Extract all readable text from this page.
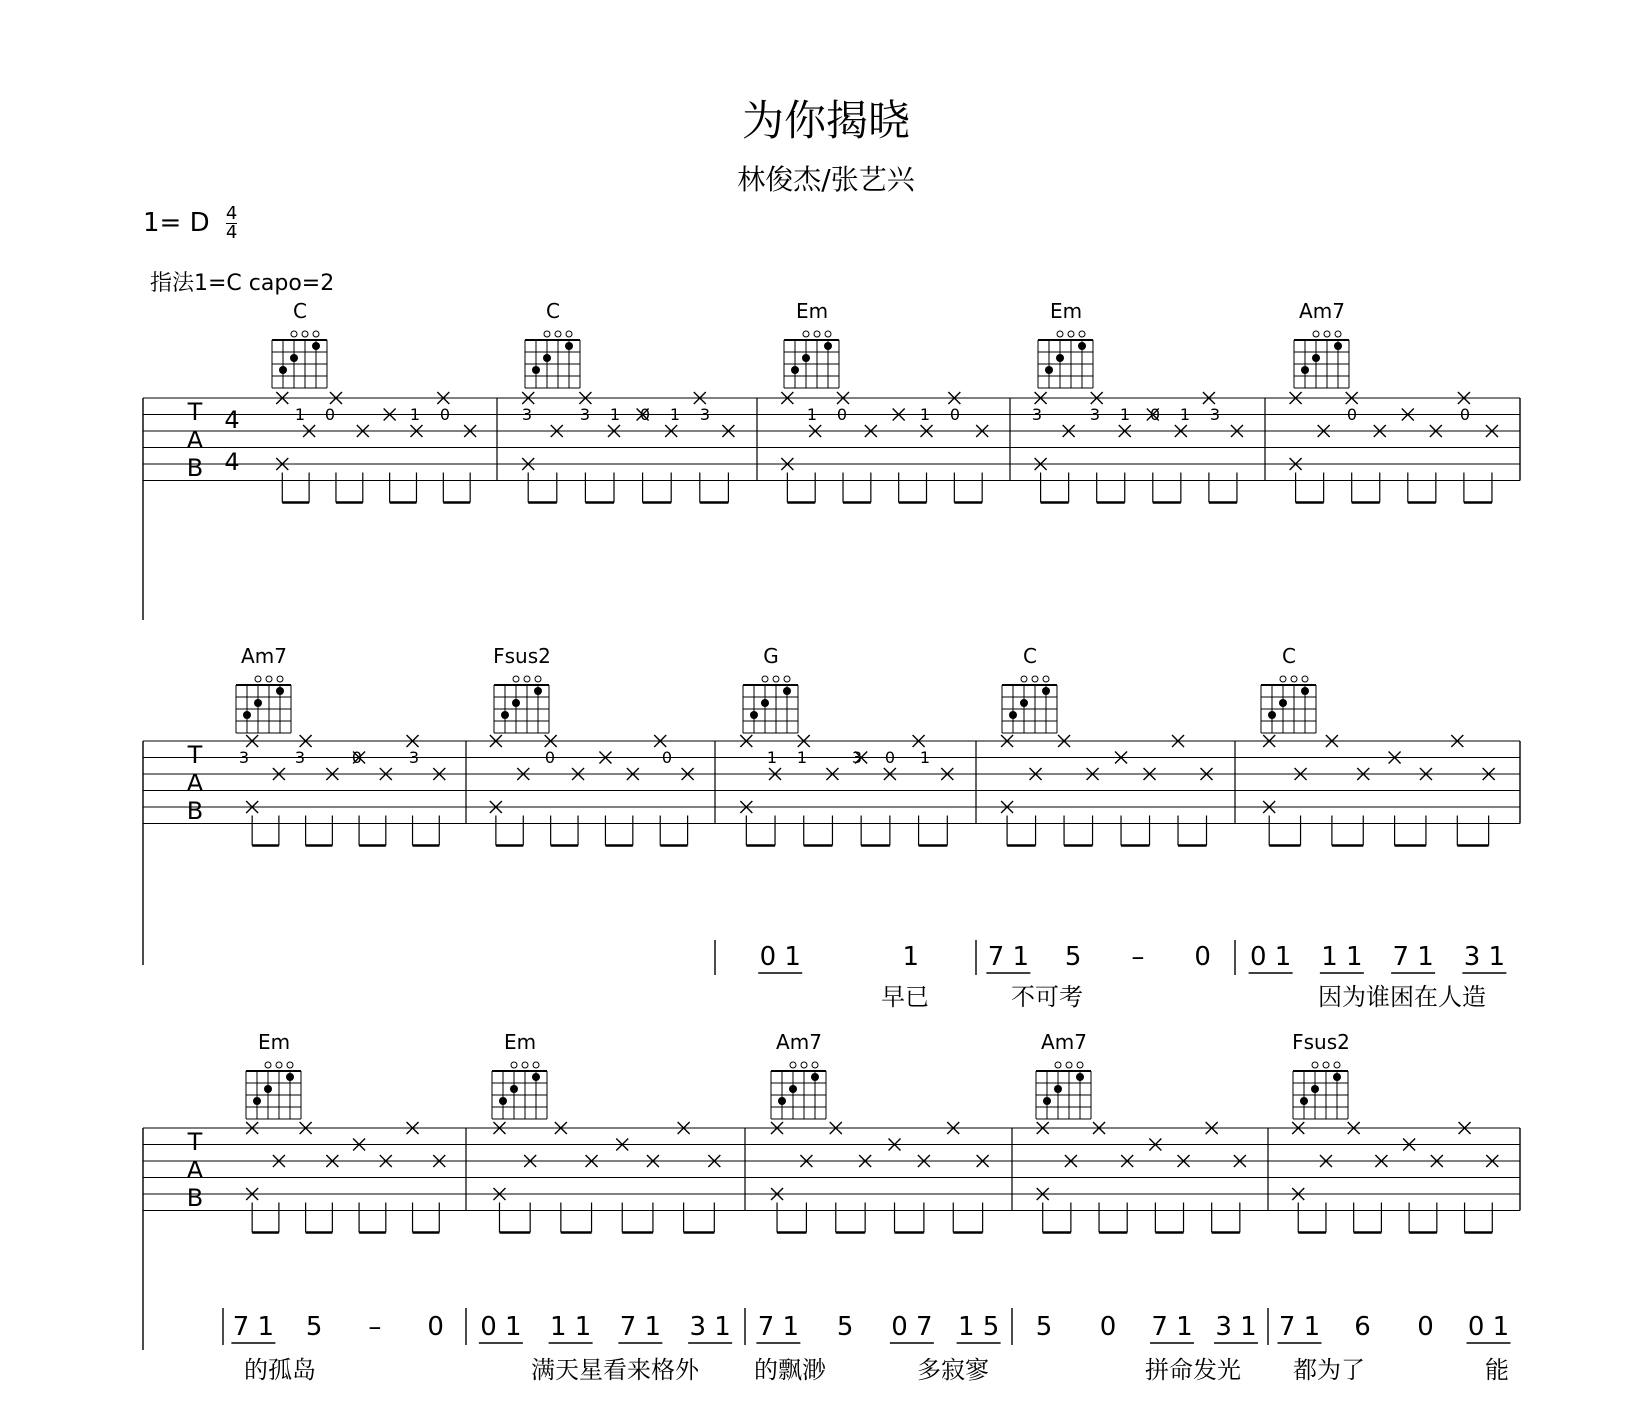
为你揭晓
林俊杰/张艺兴
1= D $\frac{4}{4}$
指法1=C capo=2
T
A
B
4
4
C	C	Em	Em	Am7
T
A
B
Am7	Fsus2	G	C	C
0 1	1	7 1 5 – 0 0 1 1 1 7 1 3 1
早已	不可考	因为谁困在人造
T
A
B
Em	Em	Am7	Am7	Fsus2
7 1 5 – 0 0 1 1 1 7 1 3 1 7 1 5 0 7 1 5 5 0 7 1 3 1 7 1 6 0 0 1
的孤岛	满天星看来格外 的飘渺	多寂寥	拼命发光 都为了	能
1 0	1 0	3	3 1 0 1 3	1 0	1 0	3	3 1 0 1 3	0	0
3	3	0	3	0	0	1 1	3 0 1
